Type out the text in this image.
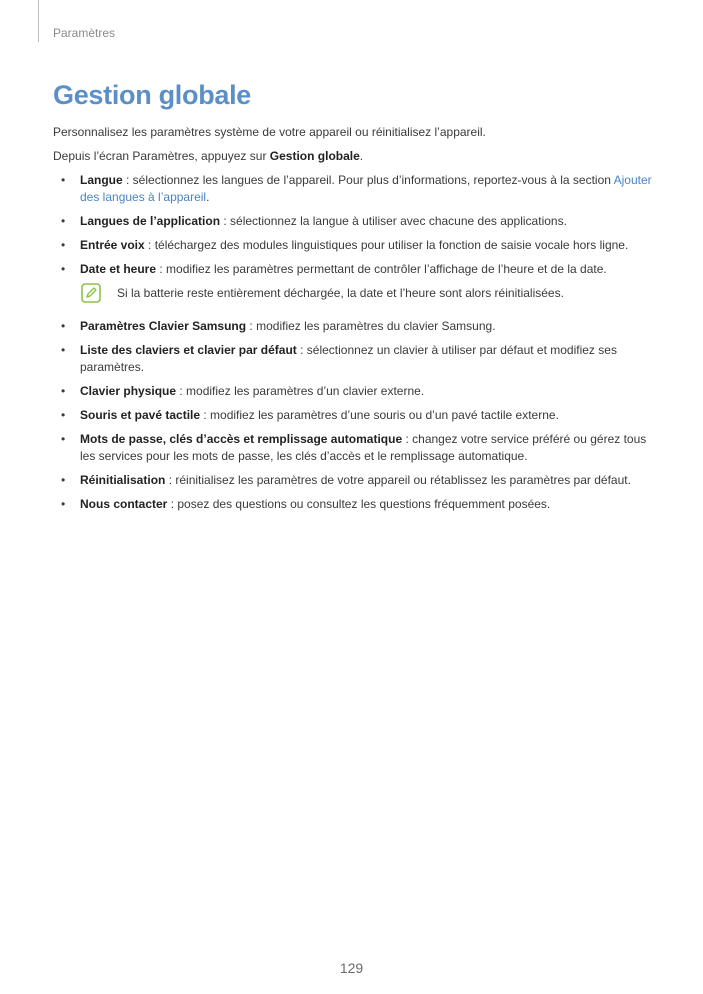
Paramètres
Gestion globale

Personnalisez les paramètres système de votre appareil ou réinitialisez l’appareil.

Depuis l’écran Paramètres, appuyez sur Gestion globale.

• Langue : sélectionnez les langues de l’appareil. Pour plus d’informations, reportez-vous à la section Ajouter des langues à l’appareil.
• Langues de l’application : sélectionnez la langue à utiliser avec chacune des applications.
• Entrée voix : téléchargez des modules linguistiques pour utiliser la fonction de saisie vocale hors ligne.
• Date et heure : modifiez les paramètres permettant de contrôler l’affichage de l’heure et de la date.
Si la batterie reste entièrement déchargée, la date et l’heure sont alors réinitialisées.
• Paramètres Clavier Samsung : modifiez les paramètres du clavier Samsung.
• Liste des claviers et clavier par défaut : sélectionnez un clavier à utiliser par défaut et modifiez ses paramètres.
• Clavier physique : modifiez les paramètres d’un clavier externe.
• Souris et pavé tactile : modifiez les paramètres d’une souris ou d’un pavé tactile externe.
• Mots de passe, clés d’accès et remplissage automatique : changez votre service préféré ou gérez tous les services pour les mots de passe, les clés d’accès et le remplissage automatique.
• Réinitialisation : réinitialisez les paramètres de votre appareil ou rétablissez les paramètres par défaut.
• Nous contacter : posez des questions ou consultez les questions fréquemment posées.
129
